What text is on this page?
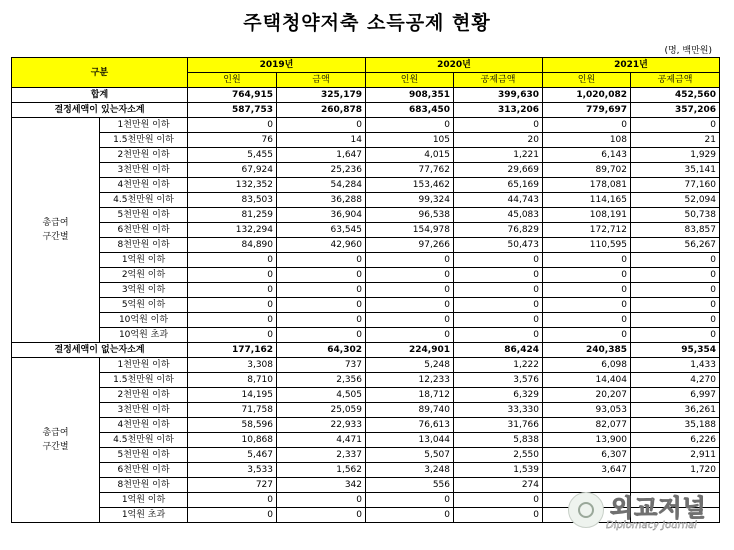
주택청약저축 소득공제 현황
(명, 백만원)
구분		2019년		2020년		2021년	
		인원	금액	인원	공제금액	인원	공제금액
합계		764,915	325,179	908,351	399,630	1,020,082	452,560
결정세액이 있는자소계		587,753	260,878	683,450	313,206	779,697	357,206
총급여
구간별	1천만원 이하	0	0	0	0	0	0
	1.5천만원 이하	76	14	105	20	108	21
	2천만원 이하	5,455	1,647	4,015	1,221	6,143	1,929
	3천만원 이하	67,924	25,236	77,762	29,669	89,702	35,141
	4천만원 이하	132,352	54,284	153,462	65,169	178,081	77,160
	4.5천만원 이하	83,503	36,288	99,324	44,743	114,165	52,094
	5천만원 이하	81,259	36,904	96,538	45,083	108,191	50,738
	6천만원 이하	132,294	63,545	154,978	76,829	172,712	83,857
	8천만원 이하	84,890	42,960	97,266	50,473	110,595	56,267
	1억원 이하	0	0	0	0	0	0
	2억원 이하	0	0	0	0	0	0
	3억원 이하	0	0	0	0	0	0
	5억원 이하	0	0	0	0	0	0
	10억원 이하	0	0	0	0	0	0
	10억원 초과	0	0	0	0	0	0
결정세액이 없는자소계		177,162	64,302	224,901	86,424	240,385	95,354
총급여
구간별	1천만원 이하	3,308	737	5,248	1,222	6,098	1,433
	1.5천만원 이하	8,710	2,356	12,233	3,576	14,404	4,270
	2천만원 이하	14,195	4,505	18,712	6,329	20,207	6,997
	3천만원 이하	71,758	25,059	89,740	33,330	93,053	36,261
	4천만원 이하	58,596	22,933	76,613	31,766	82,077	35,188
	4.5천만원 이하	10,868	4,471	13,044	5,838	13,900	6,226
	5천만원 이하	5,467	2,337	5,507	2,550	6,307	2,911
	6천만원 이하	3,533	1,562	3,248	1,539	3,647	1,720
	8천만원 이하	727	342	556	274		
	1억원 이하	0	0	0	0		
	1억원 초과	0	0	0	0			외교저널
Diplomacy Journal
